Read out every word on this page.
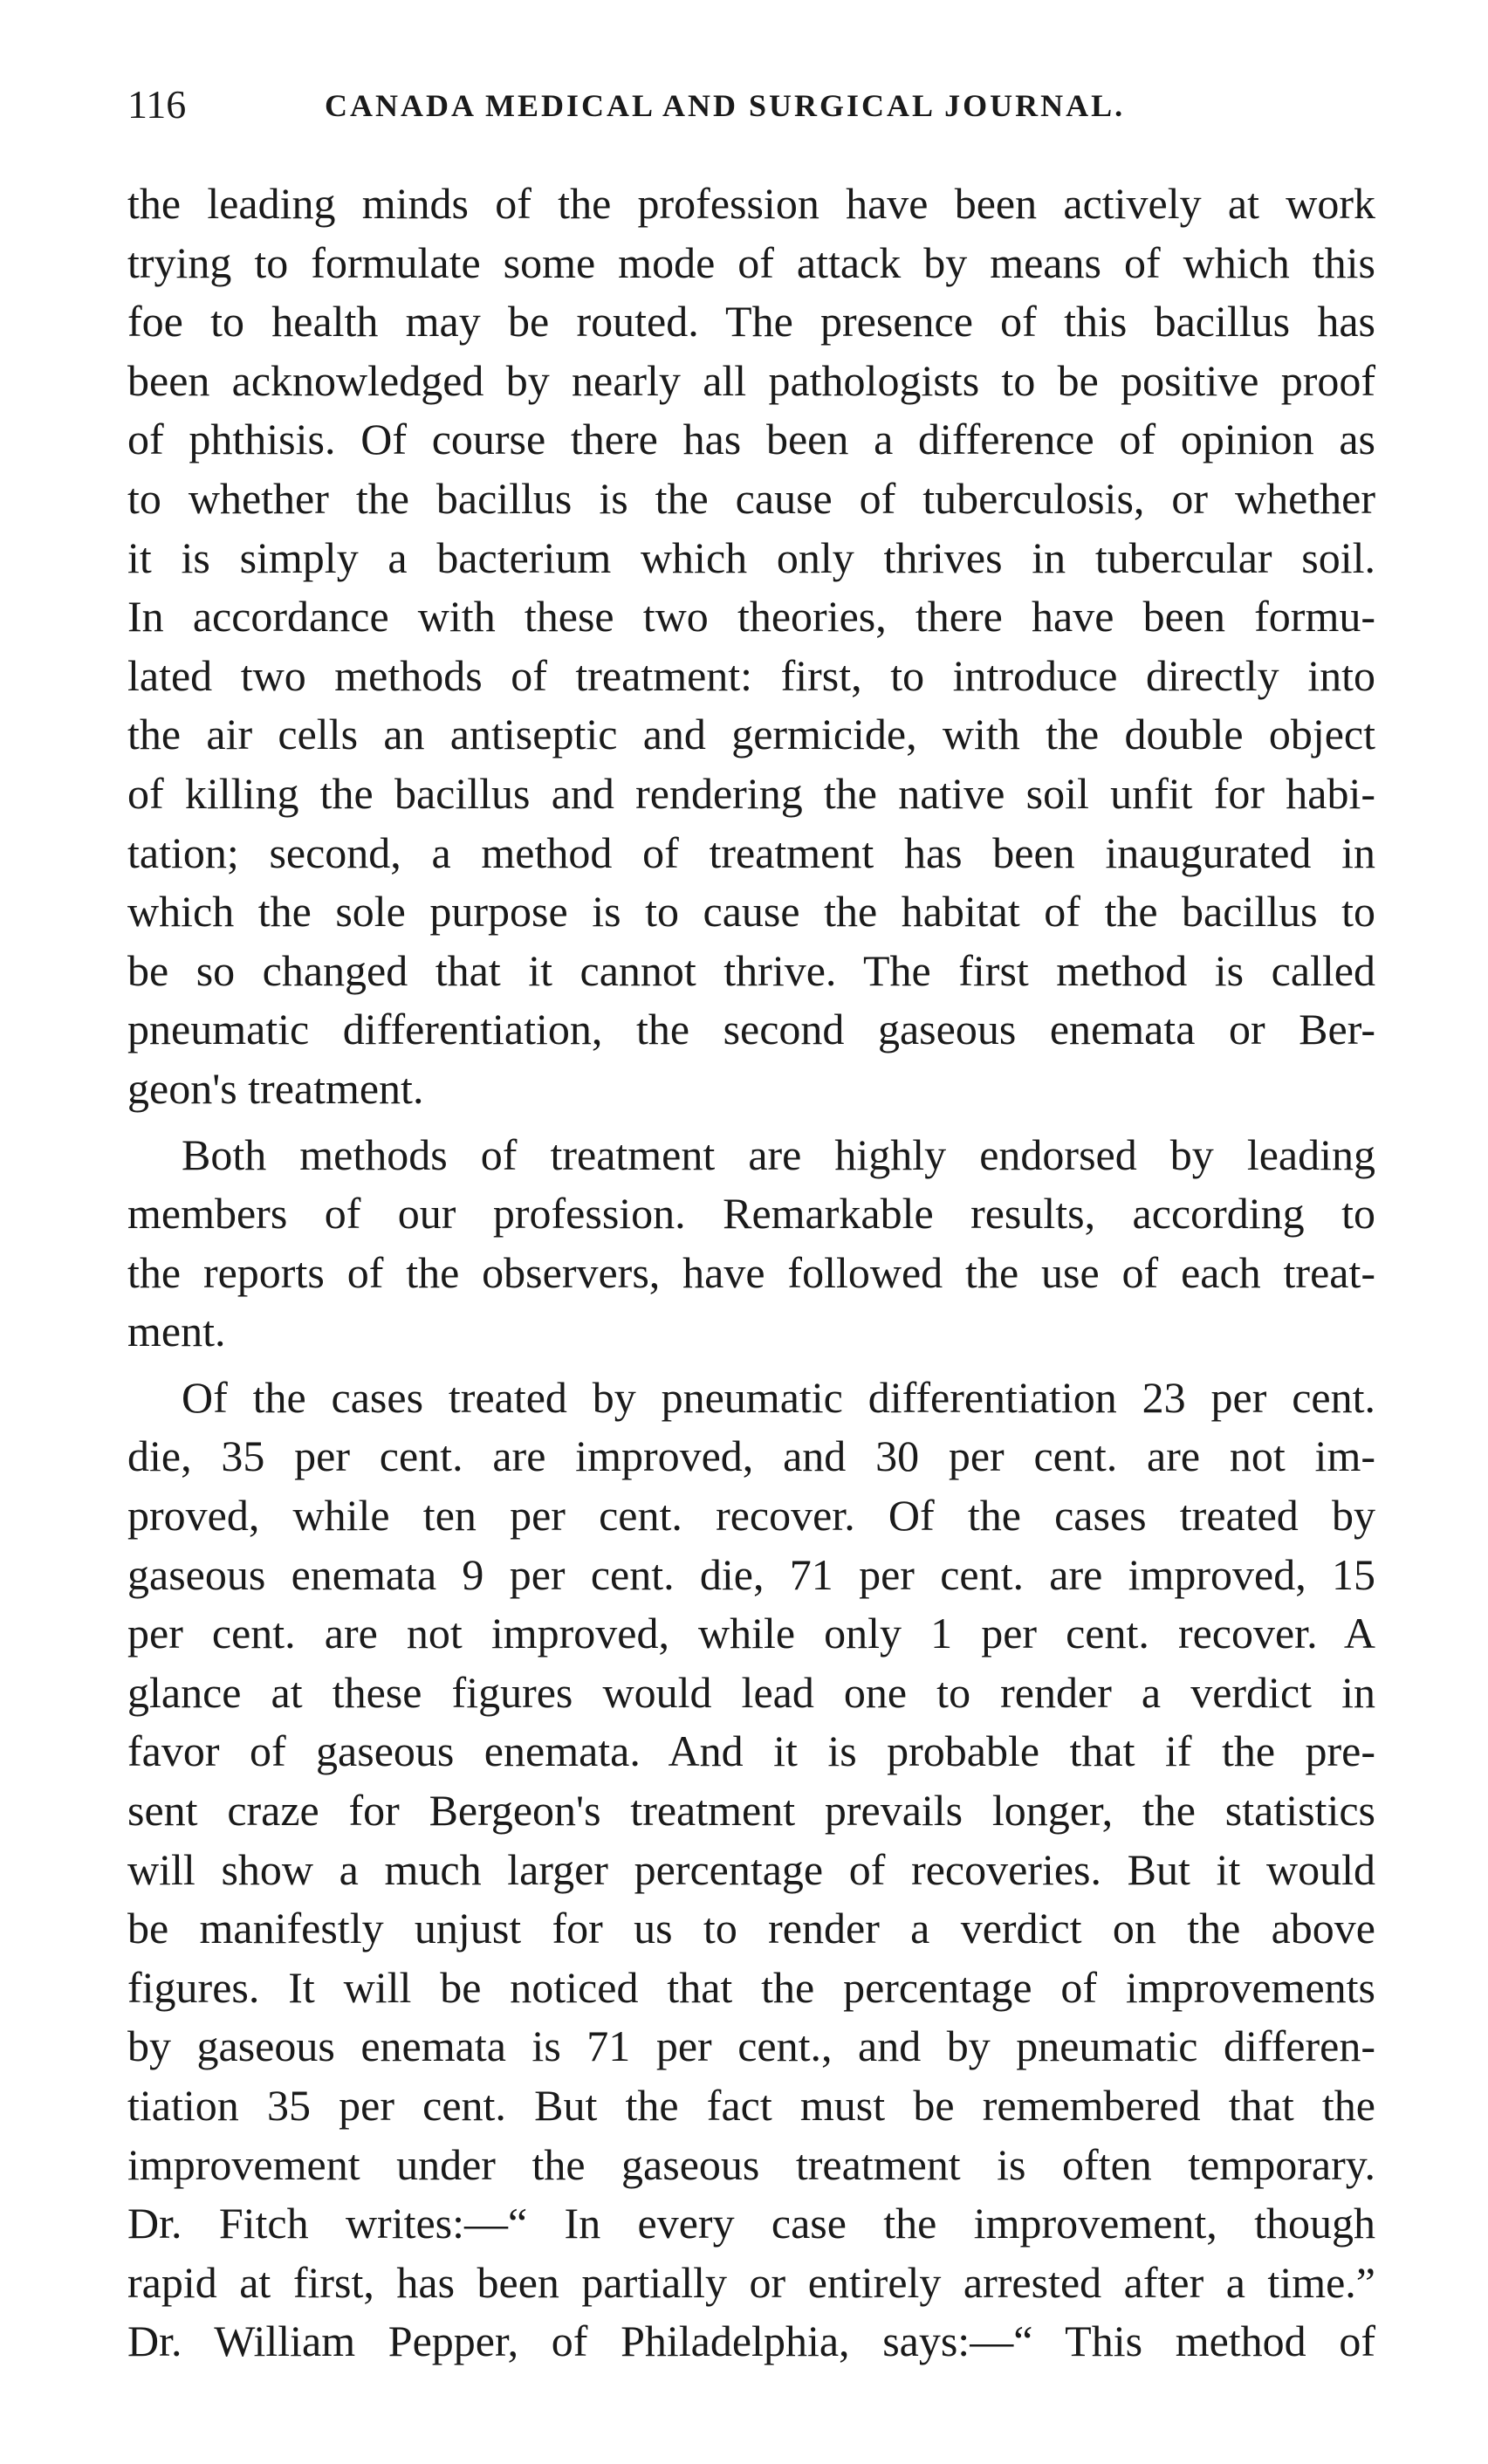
116	CANADA MEDICAL AND SURGICAL JOURNAL.

the leading minds of the profession have been actively at work
trying to formulate some mode of attack by means of which this
foe to health may be routed. The presence of this bacillus has
been acknowledged by nearly all pathologists to be positive proof
of phthisis. Of course there has been a difference of opinion as
to whether the bacillus is the cause of tuberculosis, or whether
it is simply a bacterium which only thrives in tubercular soil.
In accordance with these two theories, there have been formu-
lated two methods of treatment: first, to introduce directly into
the air cells an antiseptic and germicide, with the double object
of killing the bacillus and rendering the native soil unfit for habi-
tation; second, a method of treatment has been inaugurated in
which the sole purpose is to cause the habitat of the bacillus to
be so changed that it cannot thrive. The first method is called
pneumatic differentiation, the second gaseous enemata or Ber-
geon's treatment.

Both methods of treatment are highly endorsed by leading
members of our profession. Remarkable results, according to
the reports of the observers, have followed the use of each treat-
ment.

Of the cases treated by pneumatic differentiation 23 per cent.
die, 35 per cent. are improved, and 30 per cent. are not im-
proved, while ten per cent. recover. Of the cases treated by
gaseous enemata 9 per cent. die, 71 per cent. are improved, 15
per cent. are not improved, while only 1 per cent. recover. A
glance at these figures would lead one to render a verdict in
favor of gaseous enemata. And it is probable that if the pre-
sent craze for Bergeon's treatment prevails longer, the statistics
will show a much larger percentage of recoveries. But it would
be manifestly unjust for us to render a verdict on the above
figures. It will be noticed that the percentage of improvements
by gaseous enemata is 71 per cent., and by pneumatic differen-
tiation 35 per cent. But the fact must be remembered that the
improvement under the gaseous treatment is often temporary.
Dr. Fitch writes:—“ In every case the improvement, though
rapid at first, has been partially or entirely arrested after a time.”
Dr. William Pepper, of Philadelphia, says:—“ This method of
